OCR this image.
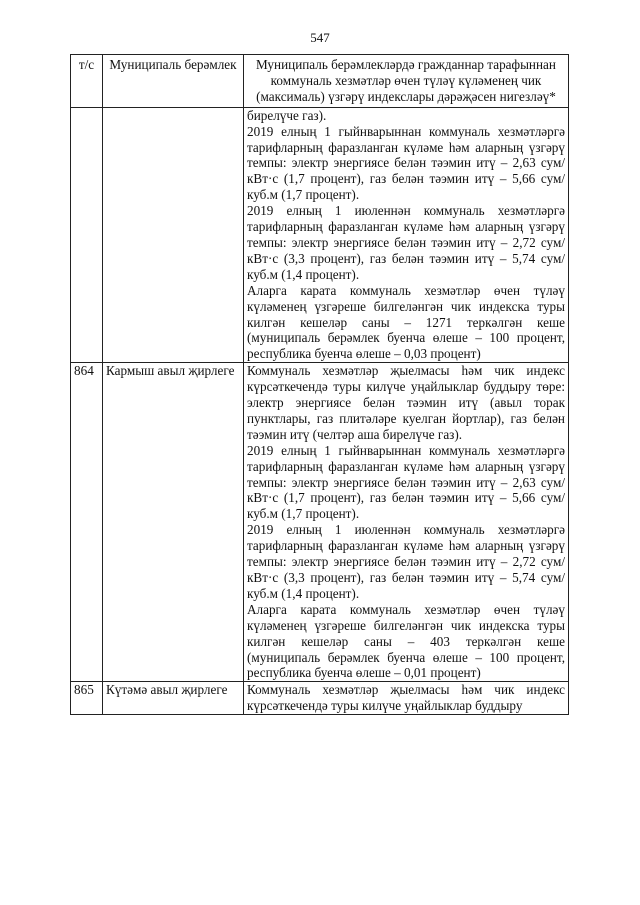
547
т/с	Муниципаль берәмлек	Муниципаль берәмлекләрдә гражданнар тарафыннан коммуналь хезмәтләр өчен түләү күләменең чик (максималь) үзгәрү индекслары дәрәҗәсен нигезләү*

		бирелүче газ).

2019 елның 1 гыйнварыннан коммуналь хезмәтләргә тарифларның фаразланган күләме һәм аларның үзгәрү темпы: электр энергиясе белән тәэмин итү – 2,63 сум/кВт·с (1,7 процент), газ белән тәэмин итү – 5,66 сум/куб.м (1,7 процент).

2019 елның 1 июленнән коммуналь хезмәтләргә тарифларның фаразланган күләме һәм аларның үзгәрү темпы: электр энергиясе белән тәэмин итү – 2,72 сум/кВт·с (3,3 процент), газ белән тәэмин итү – 5,74 сум/куб.м (1,4 процент).

Аларга карата коммуналь хезмәтләр өчен түләү күләменең үзгәреше билгеләнгән чик индекска туры килгән кешеләр саны – 1271 теркәлгән кеше (муниципаль берәмлек буенча өлеше – 100 процент, республика буенча өлеше – 0,03 процент)

864	Кармыш авыл җирлеге	Коммуналь хезмәтләр җыелмасы һәм чик индекс күрсәткечендә туры килүче уңайлыклар буддыру төре: электр энергиясе белән тәэмин итү (авыл торак пунктлары, газ плитәләре куелган йортлар), газ белән тәэмин итү (челтәр аша бирелүче газ).

2019 елның 1 гыйнварыннан коммуналь хезмәтләргә тарифларның фаразланган күләме һәм аларның үзгәрү темпы: электр энергиясе белән тәэмин итү – 2,63 сум/кВт·с (1,7 процент), газ белән тәэмин итү – 5,66 сум/куб.м (1,7 процент).

2019 елның 1 июленнән коммуналь хезмәтләргә тарифларның фаразланган күләме һәм аларның үзгәрү темпы: электр энергиясе белән тәэмин итү – 2,72 сум/кВт·с (3,3 процент), газ белән тәэмин итү – 5,74 сум/куб.м (1,4 процент).

Аларга карата коммуналь хезмәтләр өчен түләү күләменең үзгәреше билгеләнгән чик индекска туры килгән кешеләр саны – 403 теркәлгән кеше (муниципаль берәмлек буенча өлеше – 100 процент, республика буенча өлеше – 0,01 процент)

865	Күтәмә авыл җирлеге	Коммуналь хезмәтләр җыелмасы һәм чик индекс күрсәткечендә туры килүче уңайлыклар буддыру
